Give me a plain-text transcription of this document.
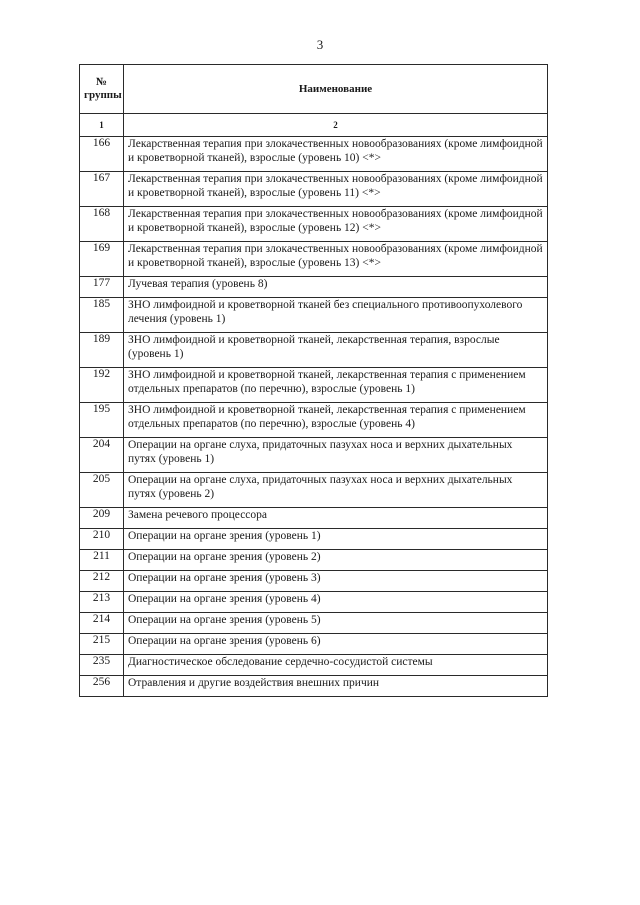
3
№
группы	Наименование
1	2
166	Лекарственная терапия при злокачественных новообразованиях (кроме лимфоидной и кроветворной тканей), взрослые (уровень 10) <*>
167	Лекарственная терапия при злокачественных новообразованиях (кроме лимфоидной и кроветворной тканей), взрослые (уровень 11) <*>
168	Лекарственная терапия при злокачественных новообразованиях (кроме лимфоидной и кроветворной тканей), взрослые (уровень 12) <*>
169	Лекарственная терапия при злокачественных новообразованиях (кроме лимфоидной и кроветворной тканей), взрослые (уровень 13) <*>
177	Лучевая терапия (уровень 8)
185	ЗНО лимфоидной и кроветворной тканей без специального противоопухолевого лечения (уровень 1)
189	ЗНО лимфоидной и кроветворной тканей, лекарственная терапия, взрослые (уровень 1)
192	ЗНО лимфоидной и кроветворной тканей, лекарственная терапия с применением отдельных препаратов (по перечню), взрослые (уровень 1)
195	ЗНО лимфоидной и кроветворной тканей, лекарственная терапия с применением отдельных препаратов (по перечню), взрослые (уровень 4)
204	Операции на органе слуха, придаточных пазухах носа и верхних дыхательных путях (уровень 1)
205	Операции на органе слуха, придаточных пазухах носа и верхних дыхательных путях (уровень 2)
209	Замена речевого процессора
210	Операции на органе зрения (уровень 1)
211	Операции на органе зрения (уровень 2)
212	Операции на органе зрения (уровень 3)
213	Операции на органе зрения (уровень 4)
214	Операции на органе зрения (уровень 5)
215	Операции на органе зрения (уровень 6)
235	Диагностическое обследование сердечно-сосудистой системы
256	Отравления и другие воздействия внешних причин
